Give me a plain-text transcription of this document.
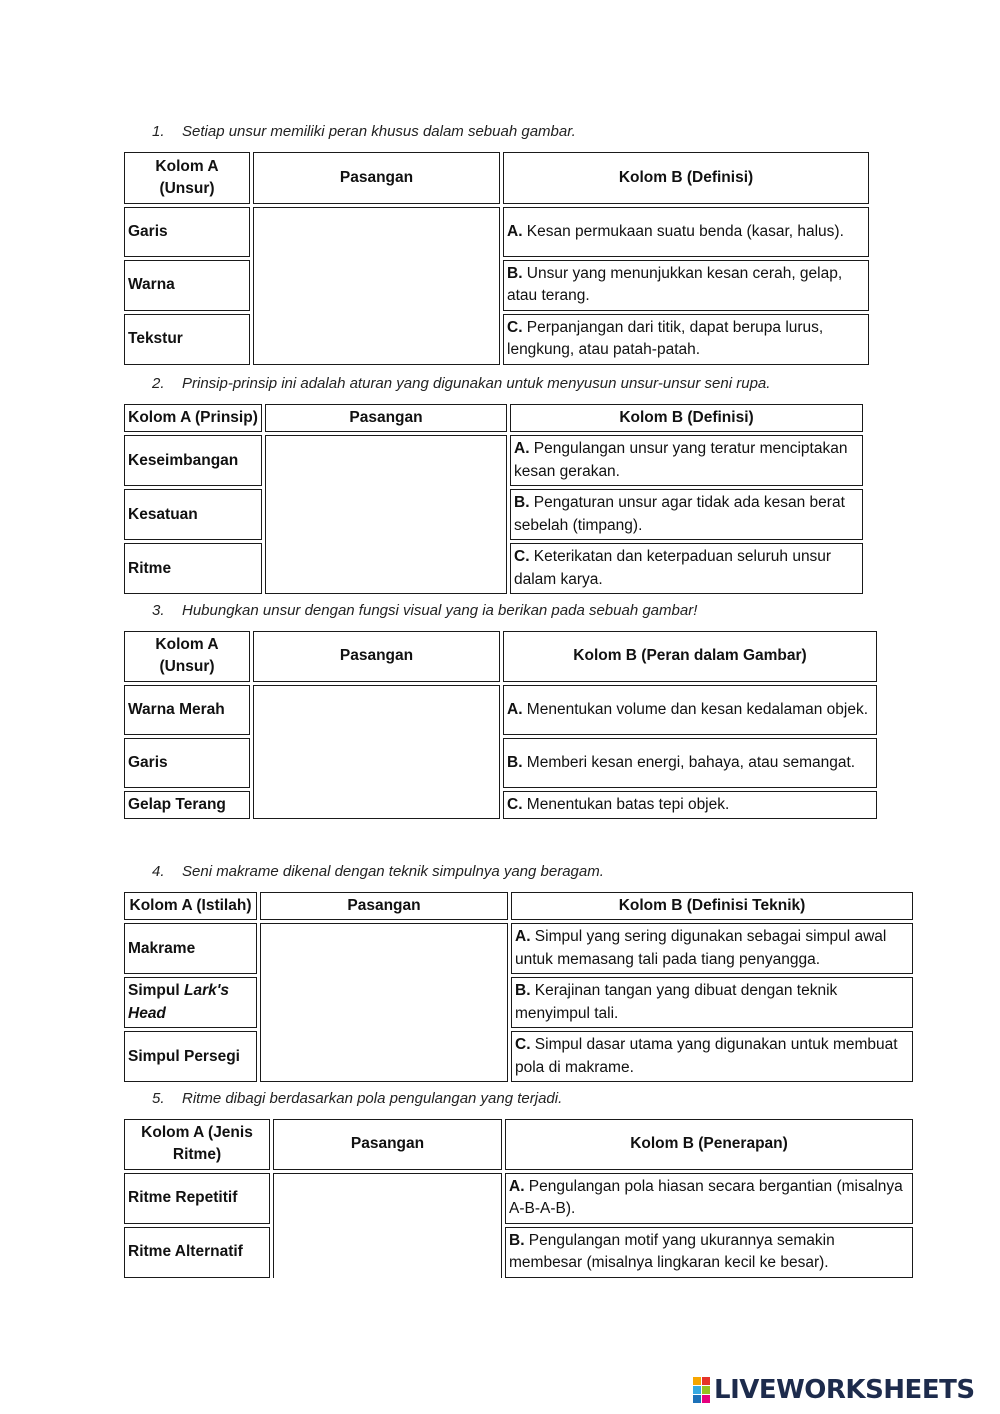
1. Setiap unsur memiliki peran khusus dalam sebuah gambar.
Kolom A (Unsur)	Pasangan	Kolom B (Definisi)
Garis		A. Kesan permukaan suatu benda (kasar, halus).
Warna		B. Unsur yang menunjukkan kesan cerah, gelap, atau terang.
Tekstur		C. Perpanjangan dari titik, dapat berupa lurus, lengkung, atau patah-patah.
2. Prinsip-prinsip ini adalah aturan yang digunakan untuk menyusun unsur-unsur seni rupa.
Kolom A (Prinsip)	Pasangan	Kolom B (Definisi)
Keseimbangan		A. Pengulangan unsur yang teratur menciptakan kesan gerakan.
Kesatuan		B. Pengaturan unsur agar tidak ada kesan berat sebelah (timpang).
Ritme		C. Keterikatan dan keterpaduan seluruh unsur dalam karya.
3. Hubungkan unsur dengan fungsi visual yang ia berikan pada sebuah gambar!
Kolom A (Unsur)	Pasangan	Kolom B (Peran dalam Gambar)
Warna Merah		A. Menentukan volume dan kesan kedalaman objek.
Garis		B. Memberi kesan energi, bahaya, atau semangat.
Gelap Terang		C. Menentukan batas tepi objek.
4. Seni makrame dikenal dengan teknik simpulnya yang beragam.
Kolom A (Istilah)	Pasangan	Kolom B (Definisi Teknik)
Makrame		A. Simpul yang sering digunakan sebagai simpul awal untuk memasang tali pada tiang penyangga.
Simpul Lark's Head		B. Kerajinan tangan yang dibuat dengan teknik menyimpul tali.
Simpul Persegi		C. Simpul dasar utama yang digunakan untuk membuat pola di makrame.
5. Ritme dibagi berdasarkan pola pengulangan yang terjadi.
Kolom A (Jenis Ritme)	Pasangan	Kolom B (Penerapan)
Ritme Repetitif		A. Pengulangan pola hiasan secara bergantian (misalnya A-B-A-B).
Ritme Alternatif		B. Pengulangan motif yang ukurannya semakin membesar (misalnya lingkaran kecil ke besar).
LIVEWORKSHEETS
